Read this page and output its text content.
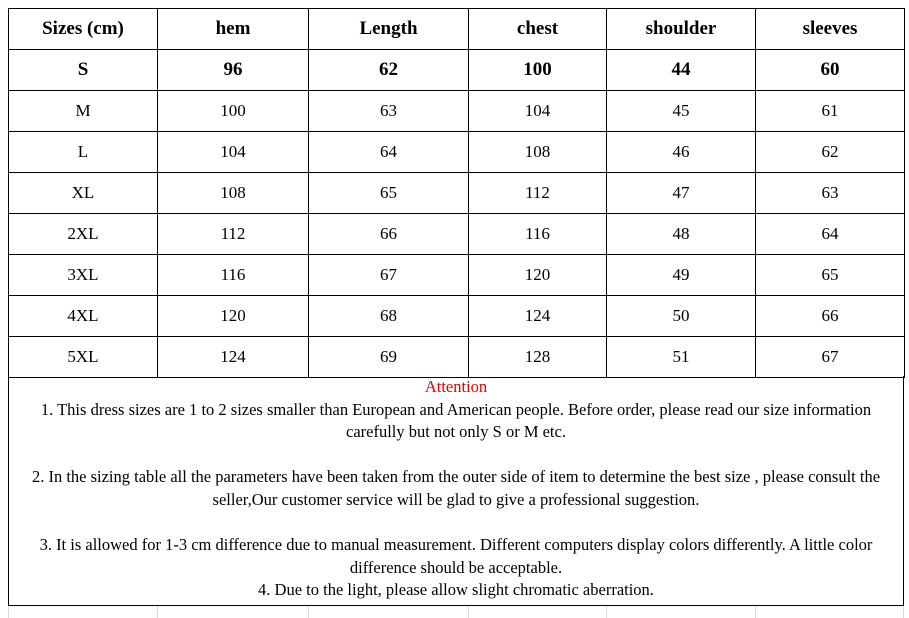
Sizes (cm)	hem	Length	chest	shoulder	sleeves
S	96	62	100	44	60
M	100	63	104	45	61
L	104	64	108	46	62
XL	108	65	112	47	63
2XL	112	66	116	48	64
3XL	116	67	120	49	65
4XL	120	68	124	50	66
5XL	124	69	128	51	67

Attention

1. This dress sizes are 1 to 2 sizes smaller than European and American people. Before order, please read our size information carefully but not only S or M etc.

2. In the sizing table all the parameters have been taken from the outer side of item to determine the best size , please consult the seller,Our customer service will be glad to give a professional suggestion.

3. It is allowed for 1-3 cm difference due to manual measurement. Different computers display colors differently. A little color difference should be acceptable.

4. Due to the light, please allow slight chromatic aberration.
